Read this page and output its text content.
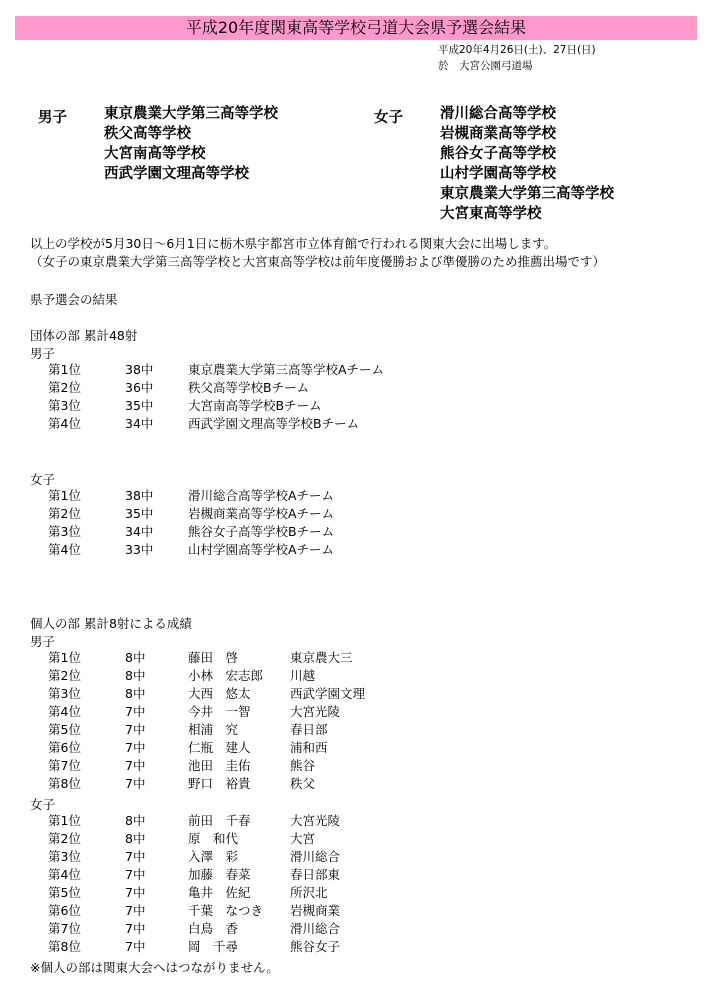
平成20年度関東高等学校弓道大会県予選会結果
平成20年4月26日(土)、27日(日)
於　大宮公園弓道場
男子	東京農業大学第三高等学校
秩父高等学校
大宮南高等学校
西武学園文理高等学校
女子	滑川総合高等学校
岩槻商業高等学校
熊谷女子高等学校
山村学園高等学校
東京農業大学第三高等学校
大宮東高等学校
以上の学校が5月30日～6月1日に栃木県宇都宮市立体育館で行われる関東大会に出場します。
（女子の東京農業大学第三高等学校と大宮東高等学校は前年度優勝および準優勝のため推薦出場です）
県予選会の結果
団体の部 累計48射
男子
第1位	38中	東京農業大学第三高等学校Aチーム
第2位	36中	秩父高等学校Bチーム
第3位	35中	大宮南高等学校Bチーム
第4位	34中	西武学園文理高等学校Bチーム
女子
第1位	38中	滑川総合高等学校Aチーム
第2位	35中	岩槻商業高等学校Aチーム
第3位	34中	熊谷女子高等学校Bチーム
第4位	33中	山村学園高等学校Aチーム
個人の部 累計8射による成績
男子
第1位	8中	藤田　啓	東京農大三
第2位	8中	小林　宏志郎 川越
第3位	8中	大西　悠太	西武学園文理
第4位	7中	今井　一智	大宮光陵
第5位	7中	相浦　究	春日部
第6位	7中	仁瓶　建人	浦和西
第7位	7中	池田　圭佑	熊谷
第8位	7中	野口　裕貴	秩父
女子
第1位	8中	前田　千春	大宮光陵
第2位	8中	原　和代	大宮
第3位	7中	入澤　彩	滑川総合
第4位	7中	加藤　春菜	春日部東
第5位	7中	亀井　佐紀	所沢北
第6位	7中	千葉　なつき 岩槻商業
第7位	7中	白鳥　香	滑川総合
第8位	7中	岡　千尋	熊谷女子
※個人の部は関東大会へはつながりません。
